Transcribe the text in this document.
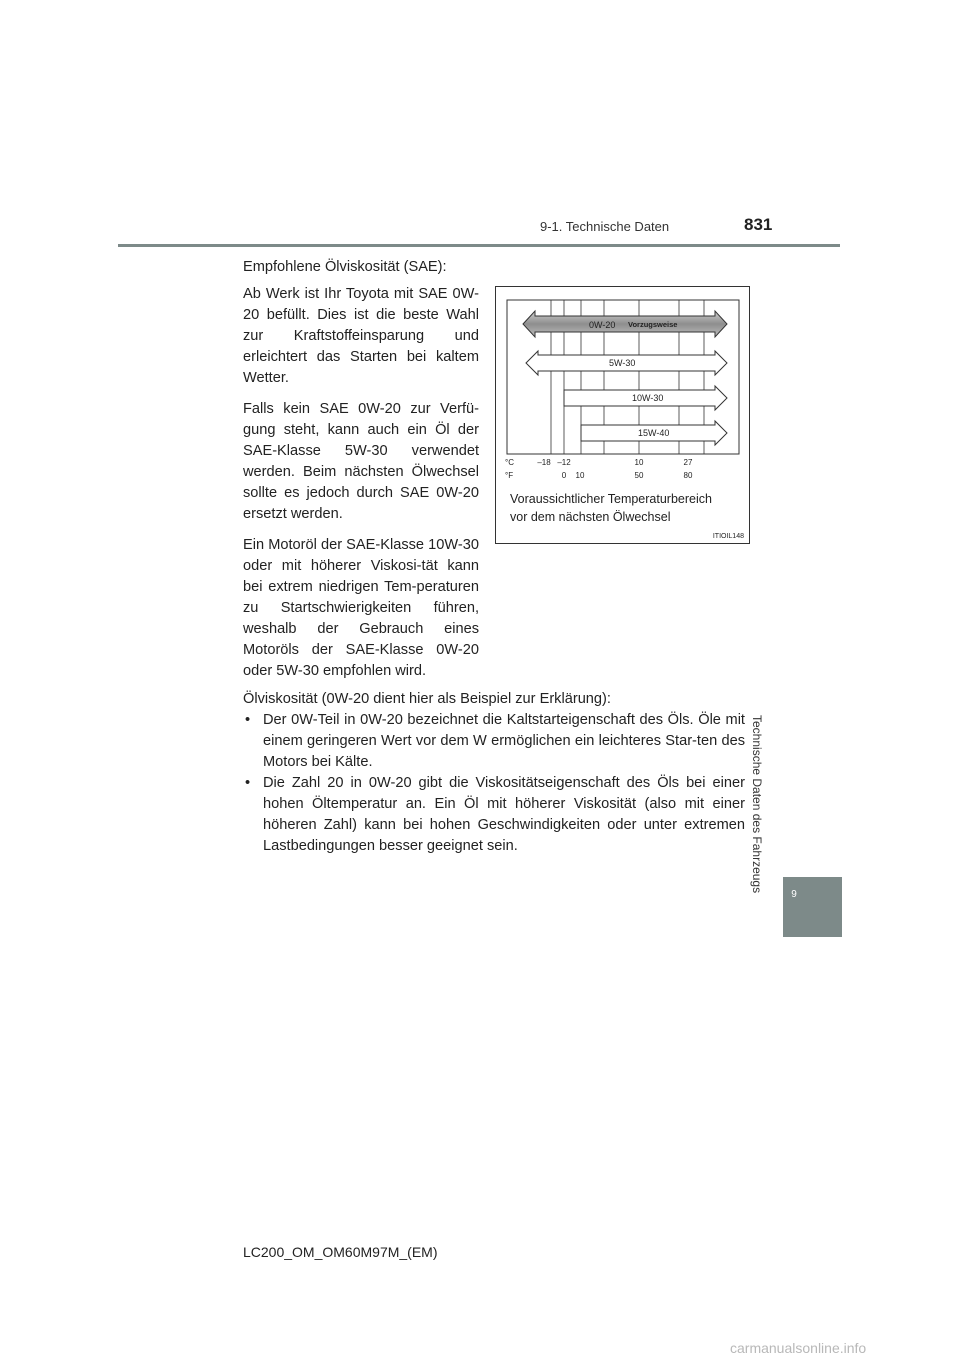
9-1. Technische Daten	831
Technische Daten des Fahrzeugs
9
Empfohlene Ölviskosität (SAE):

Ab Werk ist Ihr Toyota mit SAE 0W-20 befüllt. Dies ist die beste Wahl zur Kraftstoffeinsparung und erleichtert das Starten bei kaltem Wetter.

Falls kein SAE 0W-20 zur Verfü-gung steht, kann auch ein Öl der SAE-Klasse 5W-30 verwendet werden. Beim nächsten Ölwechsel sollte es jedoch durch SAE 0W-20 ersetzt werden.

Ein Motoröl der SAE-Klasse 10W-30 oder mit höherer Viskosi-tät kann bei extrem niedrigen Tem-peraturen zu Startschwierigkeiten führen, weshalb der Gebrauch eines Motoröls der SAE-Klasse 0W-20 oder 5W-30 empfohlen wird.

0W-20 Vorzugsweise
5W-30
10W-30
15W-40
°C
°F
–18 –12	10	27
0 10	50	80
Voraussichtlicher Temperaturbereich
vor dem nächsten Ölwechsel
ITIOIL148

Ölviskosität (0W-20 dient hier als Beispiel zur Erklärung):

• Der 0W-Teil in 0W-20 bezeichnet die Kaltstarteigenschaft des Öls. Öle mit einem geringeren Wert vor dem W ermöglichen ein leichteres Star-ten des Motors bei Kälte.

• Die Zahl 20 in 0W-20 gibt die Viskositätseigenschaft des Öls bei einer hohen Öltemperatur an. Ein Öl mit höherer Viskosität (also mit einer höheren Zahl) kann bei hohen Geschwindigkeiten oder unter extremen Lastbedingungen besser geeignet sein.

LC200_OM_OM60M97M_(EM)
carmanualsonline.info
